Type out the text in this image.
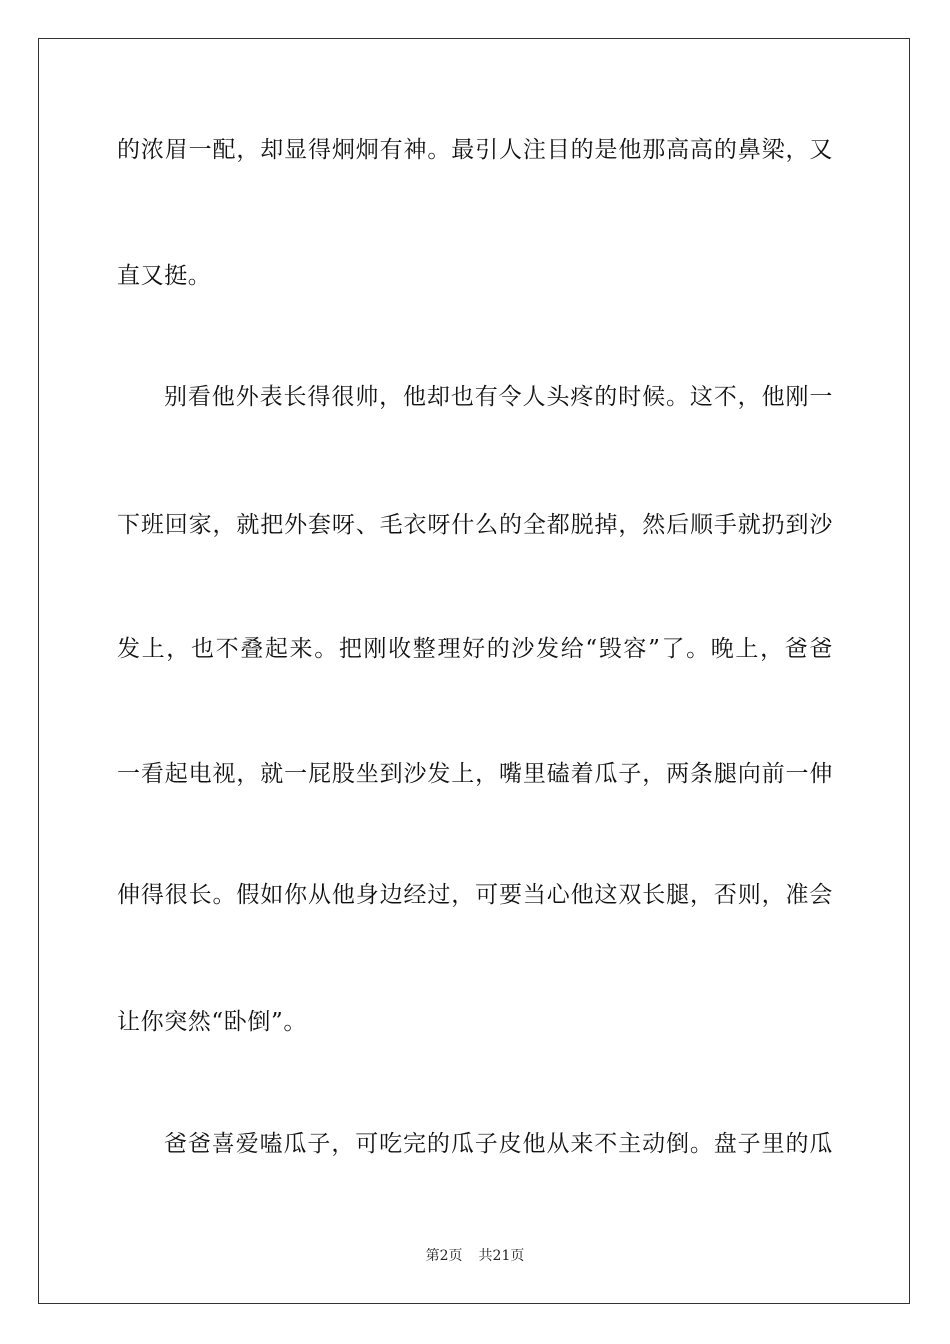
的浓眉一配，却显得炯炯有神。最引人注目的是他那高高的鼻梁，又
直又挺。
别看他外表长得很帅，他却也有令人头疼的时候。这不，他刚一
下班回家，就把外套呀、毛衣呀什么的全都脱掉，然后顺手就扔到沙
发上，也不叠起来。把刚收整理好的沙发给“毁容”了。晚上，爸爸
一看起电视，就一屁股坐到沙发上，嘴里磕着瓜子，两条腿向前一伸
伸得很长。假如你从他身边经过，可要当心他这双长腿，否则，准会
让你突然“卧倒”。
爸爸喜爱嗑瓜子，可吃完的瓜子皮他从来不主动倒。盘子里的瓜
第2页 共21页
